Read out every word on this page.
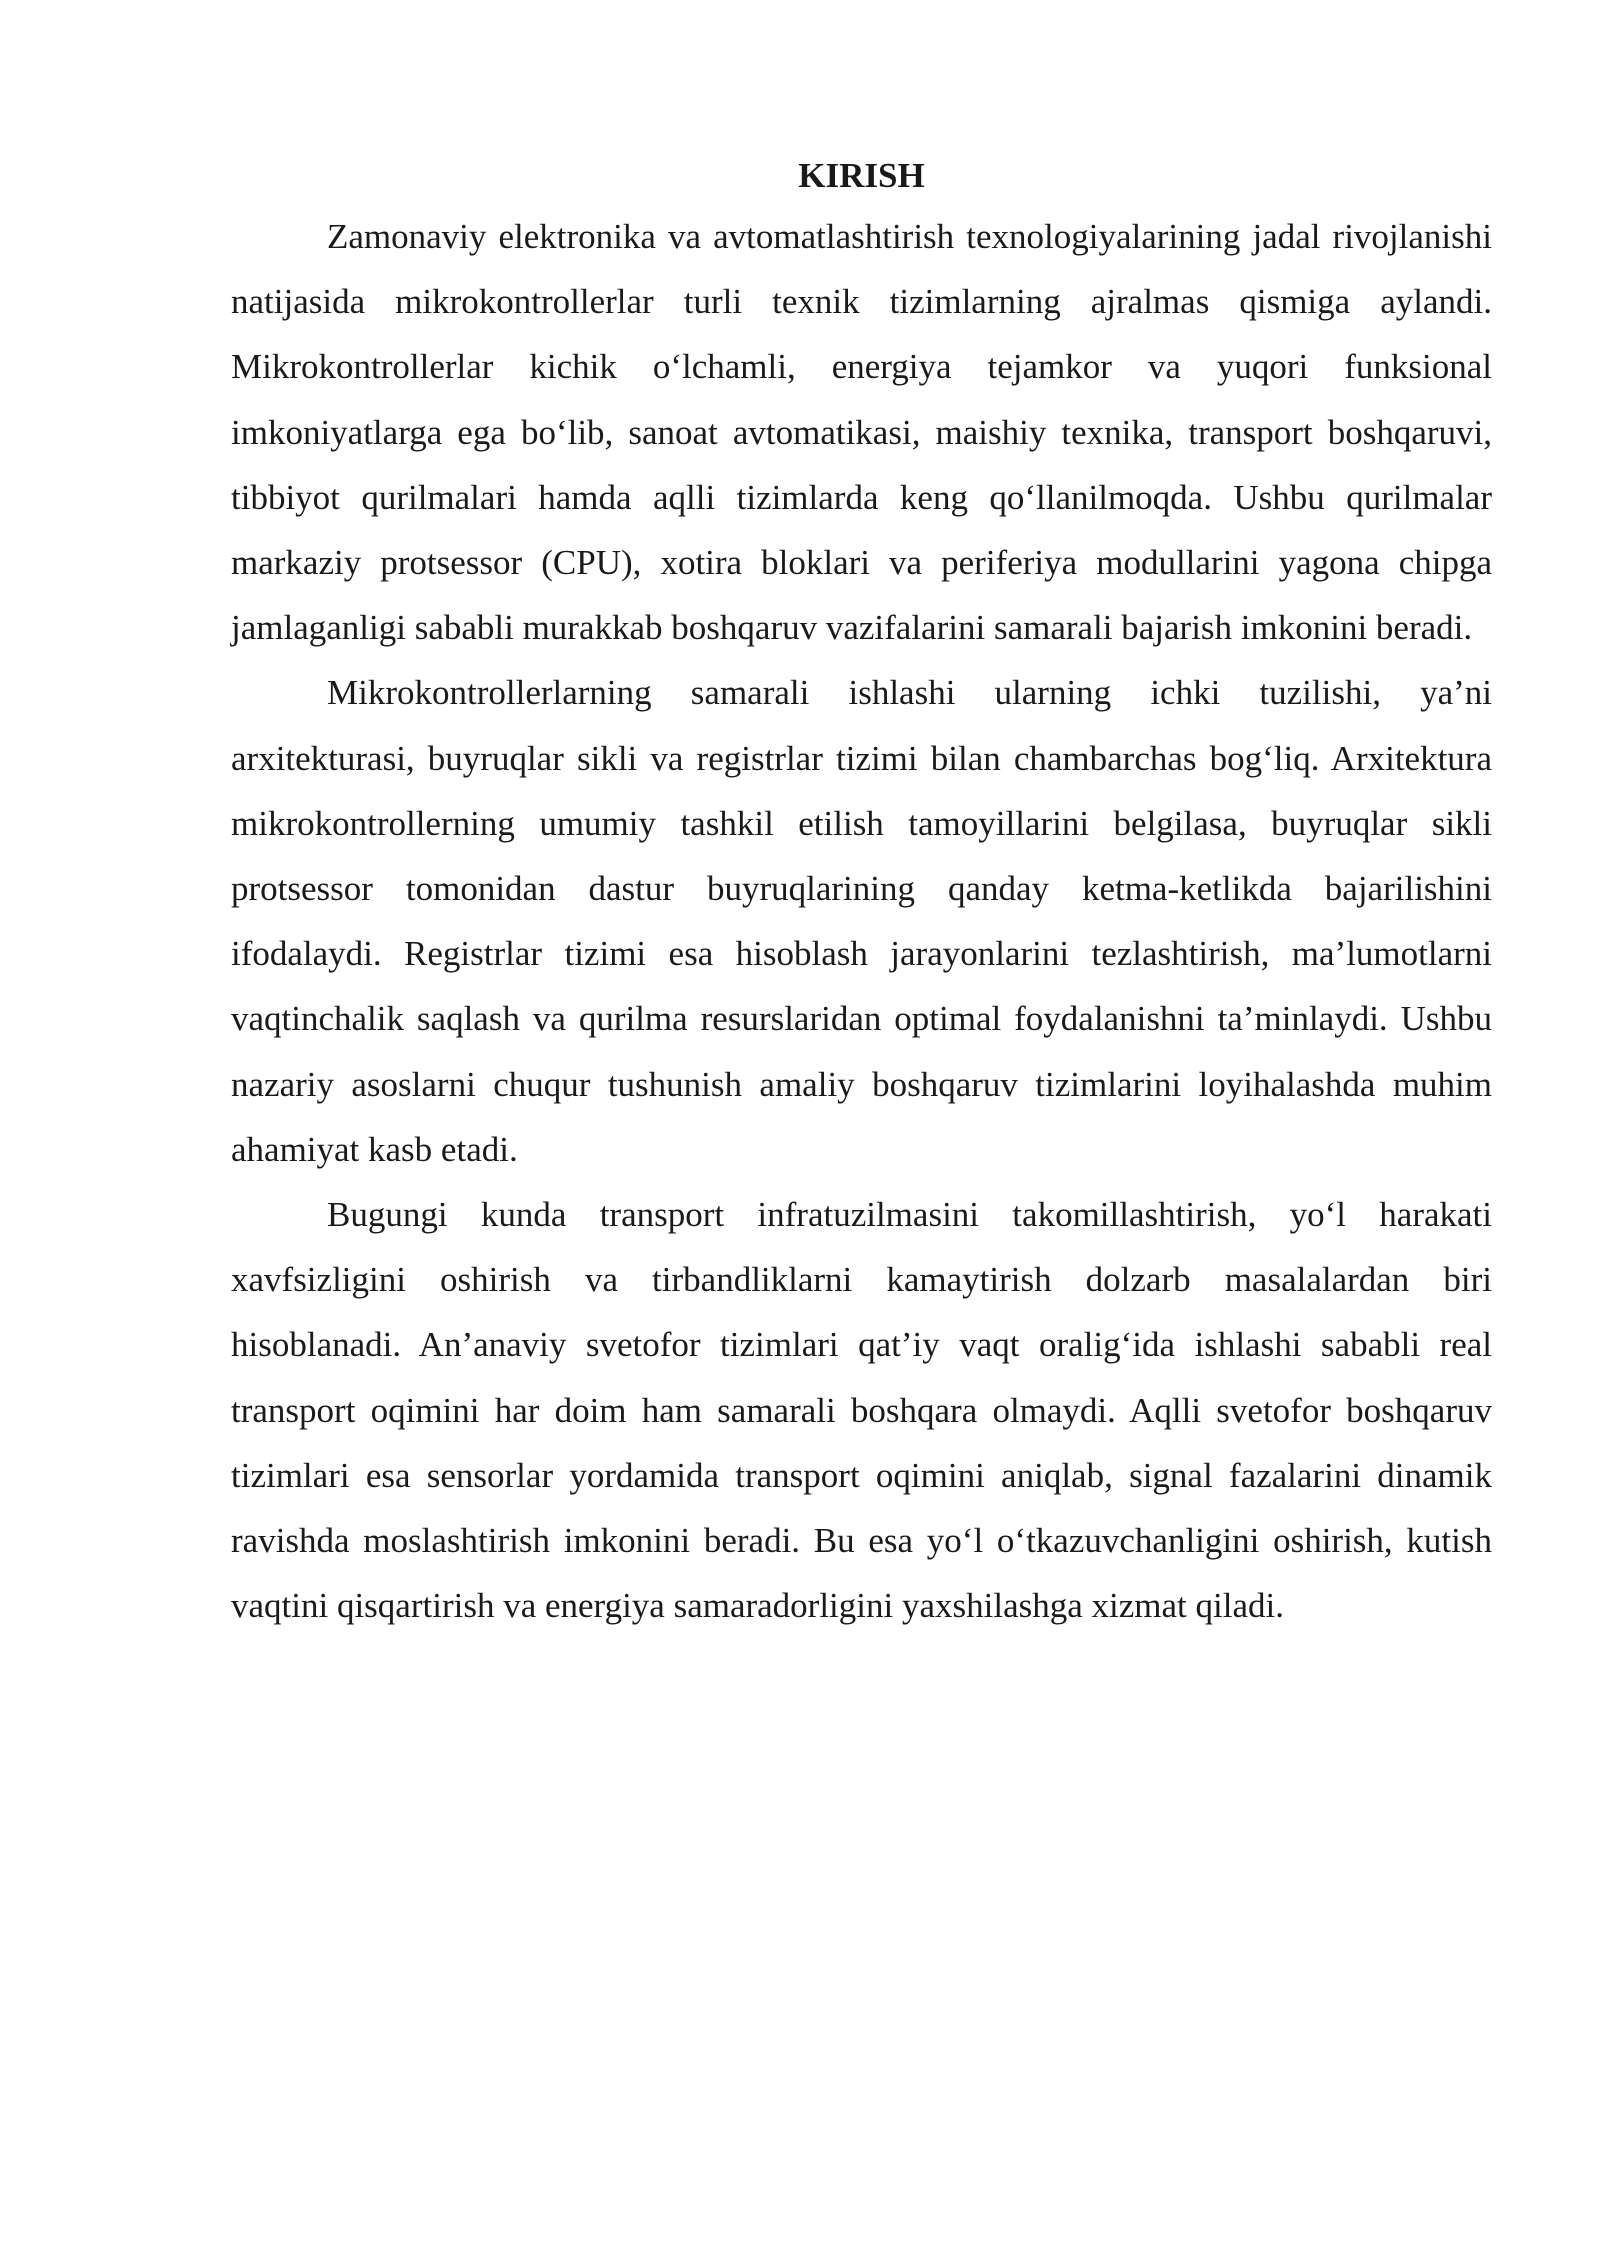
KIRISH

Zamonaviy elektronika va avtomatlashtirish texnologiyalarining jadal rivojlanishi natijasida mikrokontrollerlar turli texnik tizimlarning ajralmas qismiga aylandi. Mikrokontrollerlar kichik o‘lchamli, energiya tejamkor va yuqori funksional imkoniyatlarga ega bo‘lib, sanoat avtomatikasi, maishiy texnika, transport boshqaruvi, tibbiyot qurilmalari hamda aqlli tizimlarda keng qo‘llanilmoqda. Ushbu qurilmalar markaziy protsessor (CPU), xotira bloklari va periferiya modullarini yagona chipga jamlaganligi sababli murakkab boshqaruv vazifalarini samarali bajarish imkonini beradi.

Mikrokontrollerlarning samarali ishlashi ularning ichki tuzilishi, ya’ni arxitekturasi, buyruqlar sikli va registrlar tizimi bilan chambarchas bog‘liq. Arxitektura mikrokontrollerning umumiy tashkil etilish tamoyillarini belgilasa, buyruqlar sikli protsessor tomonidan dastur buyruqlarining qanday ketma-ketlikda bajarilishini ifodalaydi. Registrlar tizimi esa hisoblash jarayonlarini tezlashtirish, ma’lumotlarni vaqtinchalik saqlash va qurilma resurslaridan optimal foydalanishni ta’minlaydi. Ushbu nazariy asoslarni chuqur tushunish amaliy boshqaruv tizimlarini loyihalashda muhim ahamiyat kasb etadi.

Bugungi kunda transport infratuzilmasini takomillashtirish, yo‘l harakati xavfsizligini oshirish va tirbandliklarni kamaytirish dolzarb masalalardan biri hisoblanadi. An’anaviy svetofor tizimlari qat’iy vaqt oralig‘ida ishlashi sababli real transport oqimini har doim ham samarali boshqara olmaydi. Aqlli svetofor boshqaruv tizimlari esa sensorlar yordamida transport oqimini aniqlab, signal fazalarini dinamik ravishda moslashtirish imkonini beradi. Bu esa yo‘l o‘tkazuvchanligini oshirish, kutish vaqtini qisqartirish va energiya samaradorligini yaxshilashga xizmat qiladi.
